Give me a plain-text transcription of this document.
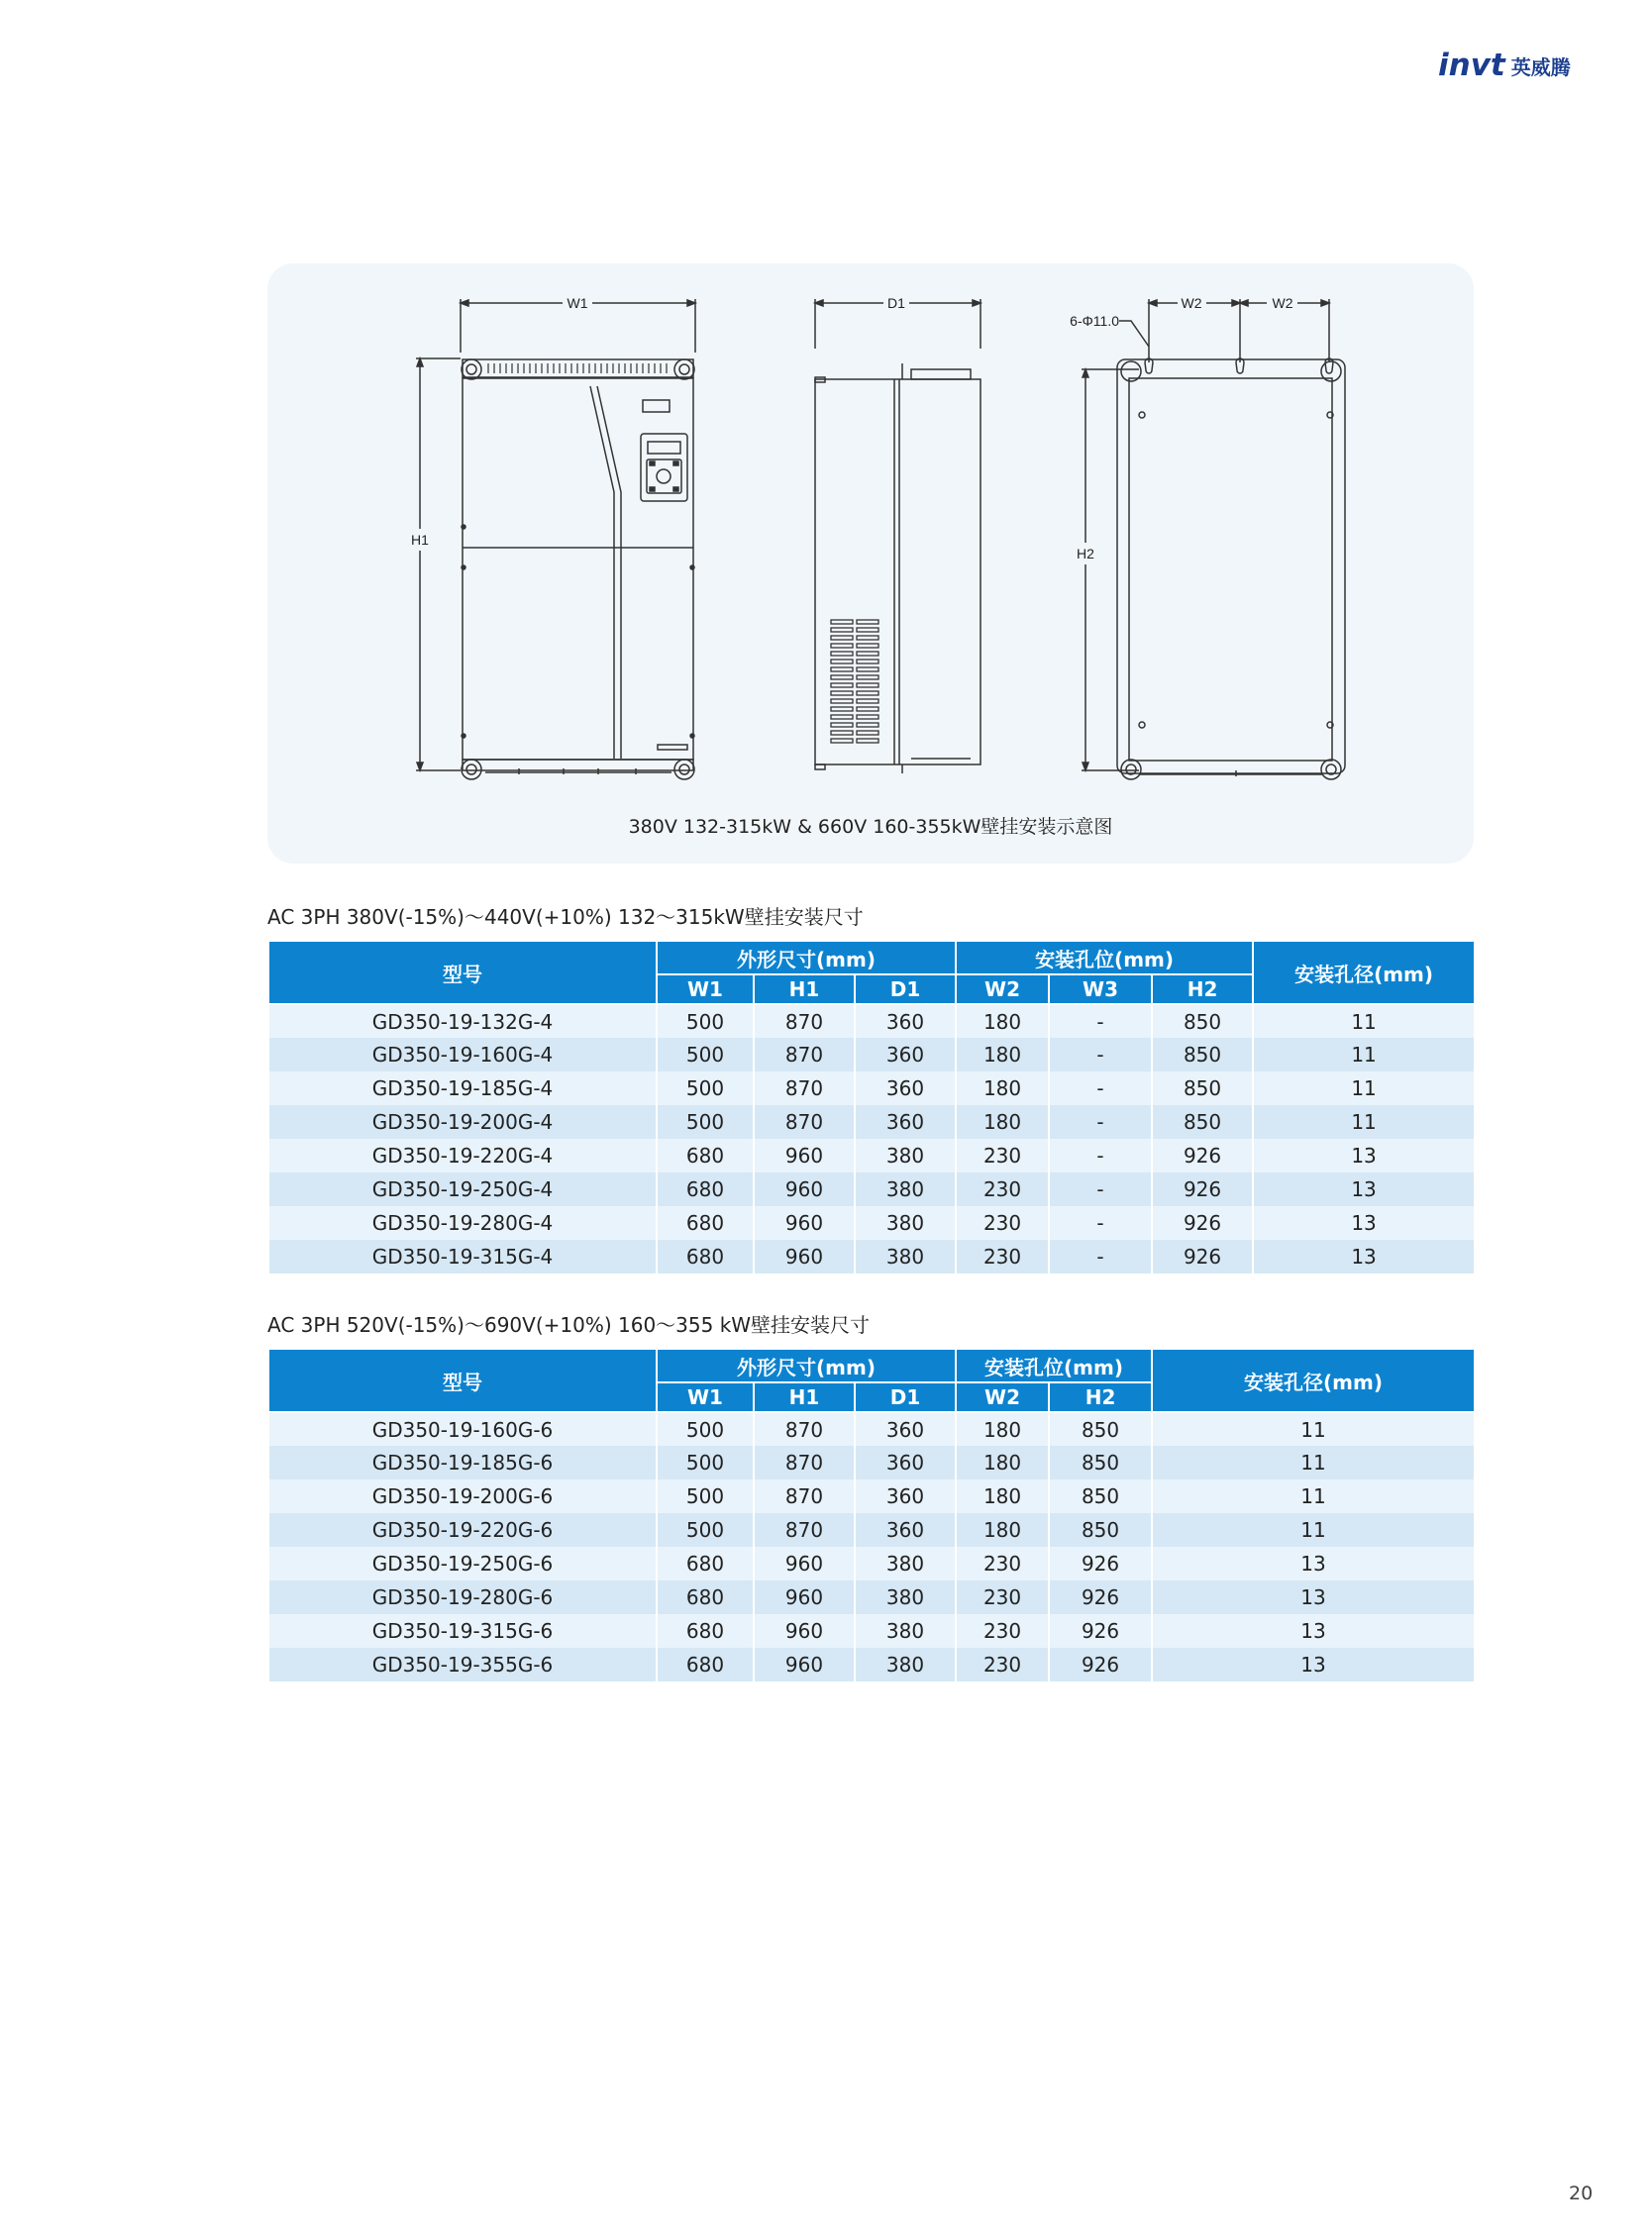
invt 英威腾
W1
H1
D1	W2	W2
H2
6-Φ11.0
380V 132-315kW & 660V 160-355kW壁挂安装示意图
AC 3PH 380V(-15%)～440V(+10%) 132～315kW壁挂安装尺寸
型号	外形尺寸(mm)			安装孔位(mm)			安装孔径(mm)
	W1	H1	D1	W2	W3	H2	
GD350-19-132G-4	500	870	360	180	-	850	11
GD350-19-160G-4	500	870	360	180	-	850	11
GD350-19-185G-4	500	870	360	180	-	850	11
GD350-19-200G-4	500	870	360	180	-	850	11
GD350-19-220G-4	680	960	380	230	-	926	13
GD350-19-250G-4	680	960	380	230	-	926	13
GD350-19-280G-4	680	960	380	230	-	926	13
GD350-19-315G-4	680	960	380	230	-	926	13
AC 3PH 520V(-15%)～690V(+10%) 160～355 kW壁挂安装尺寸
型号	外形尺寸(mm)			安装孔位(mm)		安装孔径(mm)
	W1	H1	D1	W2	H2	
GD350-19-160G-6	500	870	360	180	850	11
GD350-19-185G-6	500	870	360	180	850	11
GD350-19-200G-6	500	870	360	180	850	11
GD350-19-220G-6	500	870	360	180	850	11
GD350-19-250G-6	680	960	380	230	926	13
GD350-19-280G-6	680	960	380	230	926	13
GD350-19-315G-6	680	960	380	230	926	13
GD350-19-355G-6	680	960	380	230	926	13
20
